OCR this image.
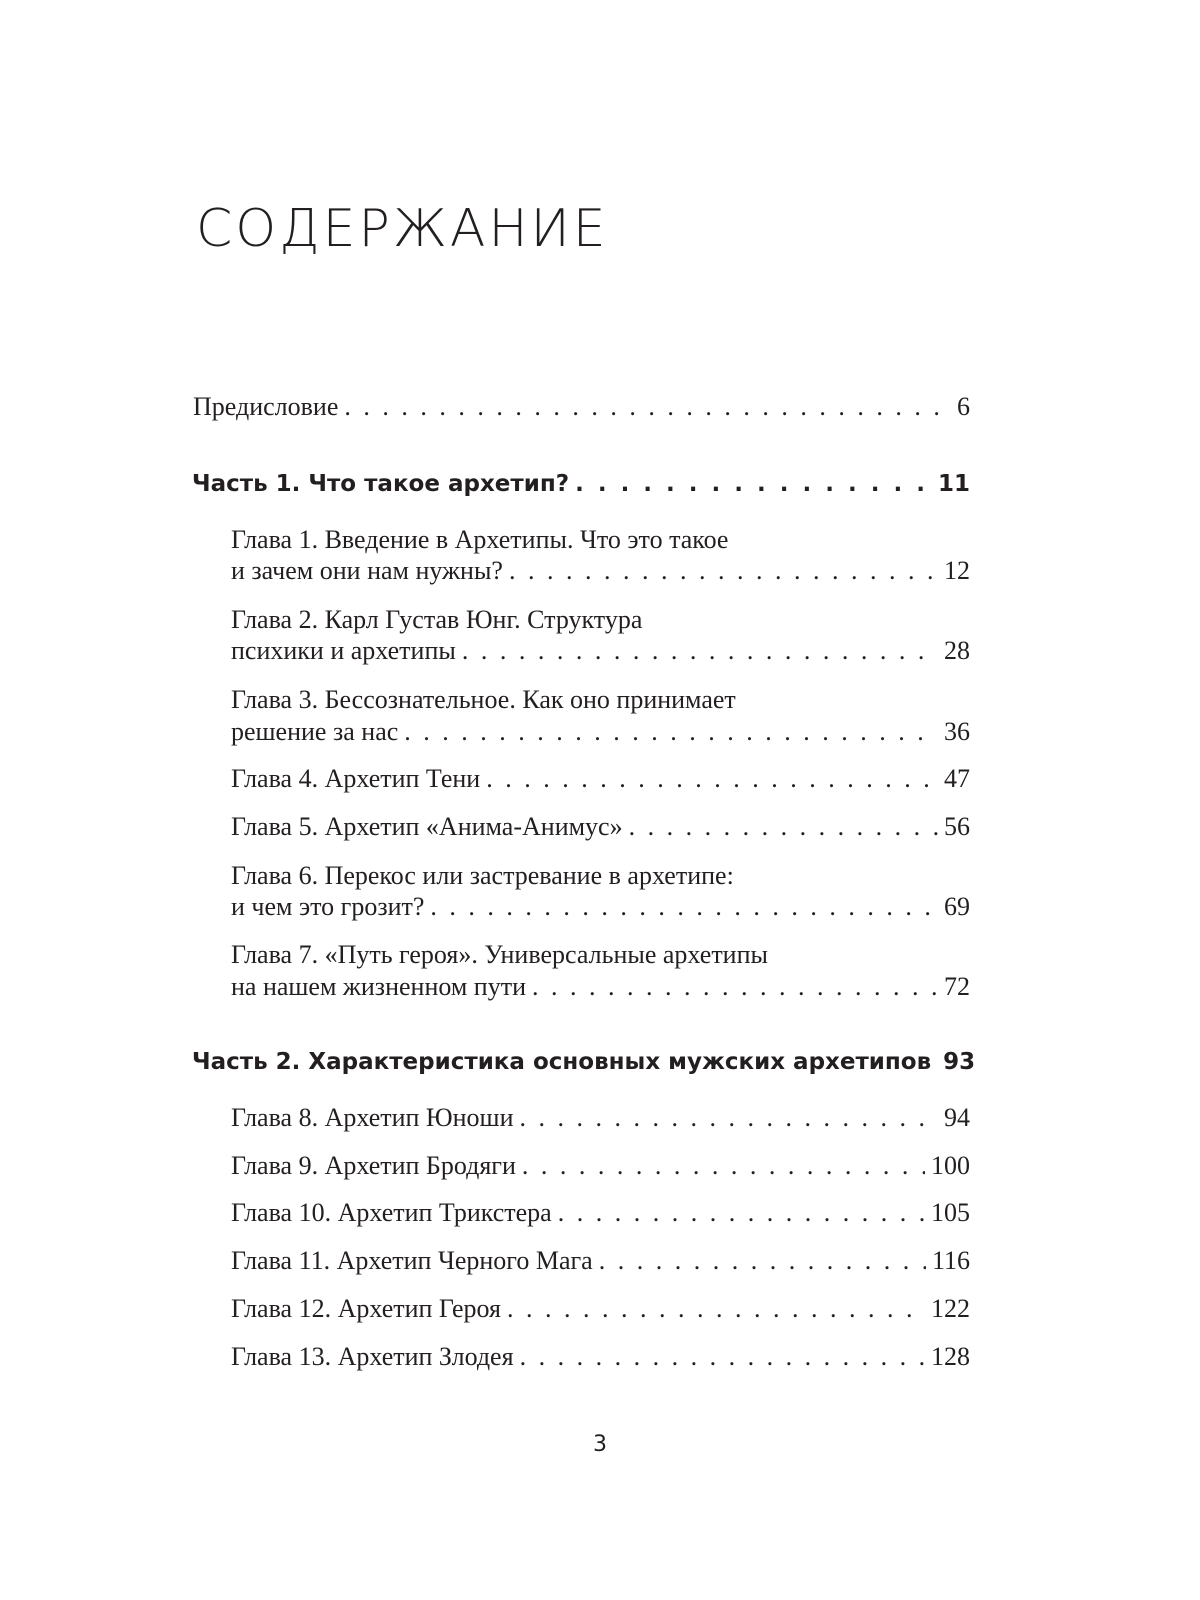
СОДЕРЖАНИЕ
Предисловие . . .	6
Часть 1. Что такое архетип? . . .	11
Глава 1. Введение в Архетипы. Что это такое
и зачем они нам нужны? . . .	12
Глава 2. Карл Густав Юнг. Структура
психики и архетипы . . .	28
Глава 3. Бессознательное. Как оно принимает
решение за нас . . .	36
Глава 4. Архетип Тени . . .	47
Глава 5. Архетип «Анима-Анимус» . . .	56
Глава 6. Перекос или застревание в архетипе:
и чем это грозит? . . .	69
Глава 7. «Путь героя». Универсальные архетипы
на нашем жизненном пути . . .	72
Часть 2. Характеристика основных мужских архетипов 93
Глава 8. Архетип Юноши . . .	94
Глава 9. Архетип Бродяги . . .	100
Глава 10. Архетип Трикстера . . .	105
Глава 11. Архетип Черного Мага . . .	116
Глава 12. Архетип Героя . . .	122
Глава 13. Архетип Злодея . . .	128
3
